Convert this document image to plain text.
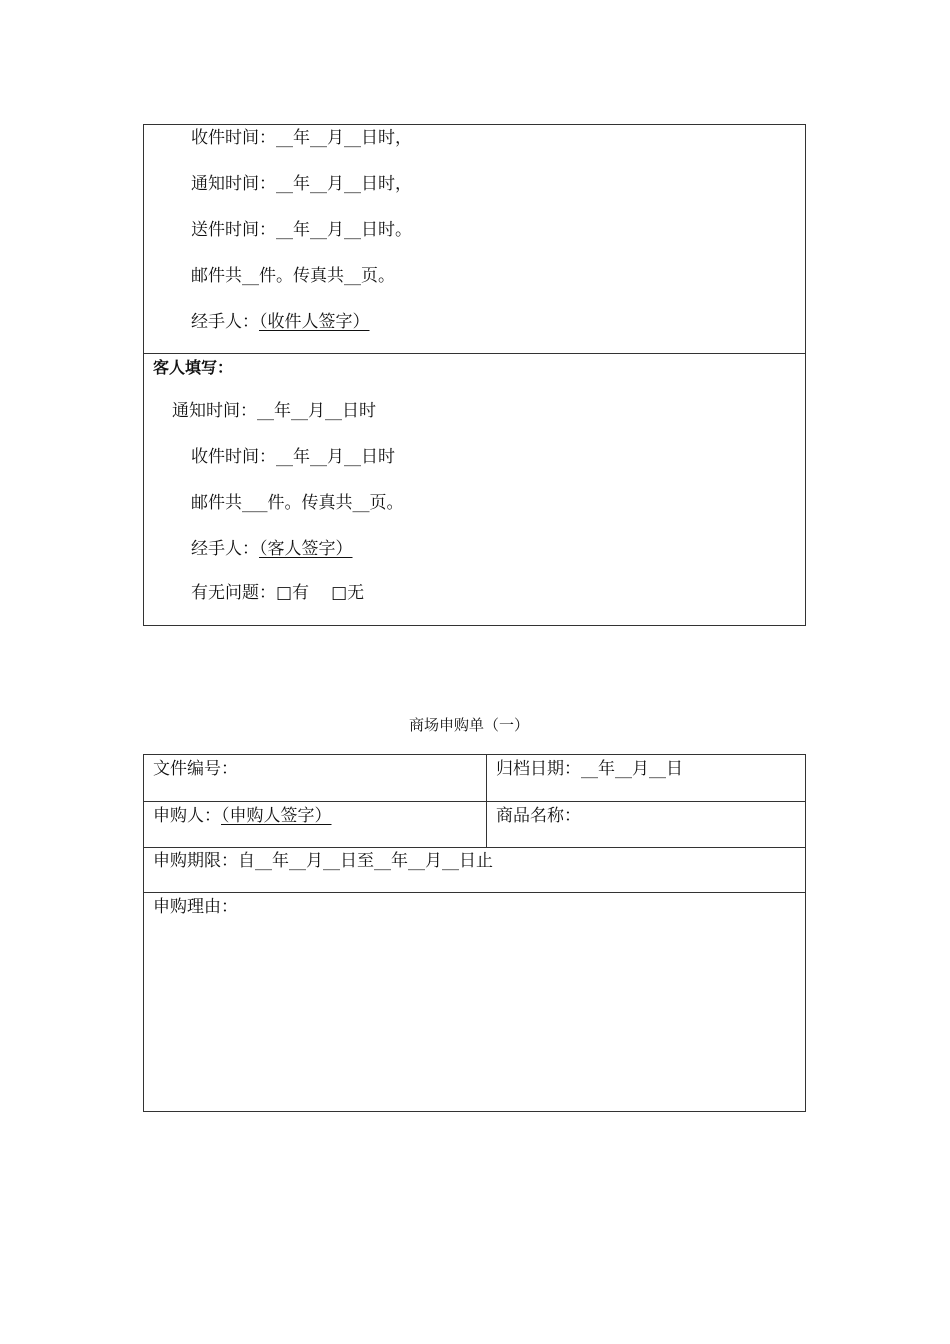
收件时间：__年__月__日时，
通知时间：__年__月__日时，
送件时间：__年__月__日时。
邮件共__件。传真共__页。
经手人：（收件人签字）
客人填写：
通知时间：__年__月__日时
收件时间：__年__月__日时
邮件共___件。传真共__页。
经手人：（客人签字）
有无问题：□有 □无
商场申购单（一）
文件编号：	归档日期：__年__月__日
申购人：（申购人签字）	商品名称：
申购期限：自__年__月__日至__年__月__日止
申购理由：
